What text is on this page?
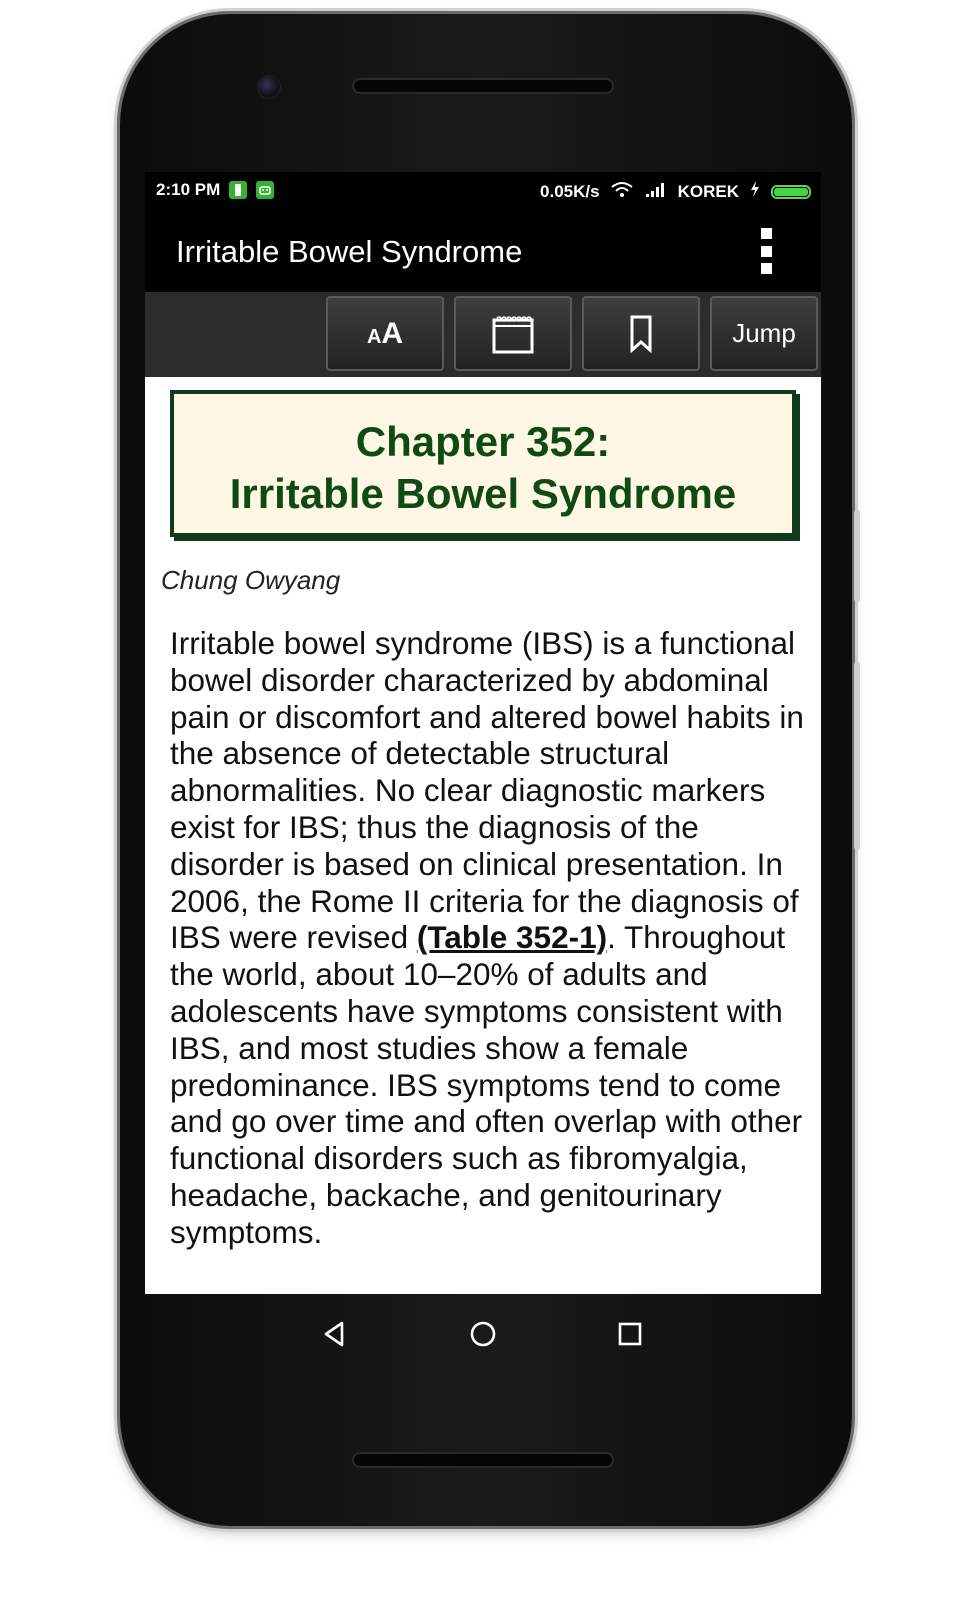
2:10 PM	0.05K/s	KOREK
Irritable Bowel Syndrome
AA	Jump
Chapter 352:
Irritable Bowel Syndrome
Chung Owyang
Irritable bowel syndrome (IBS) is a functional bowel disorder characterized by abdominal pain or discomfort and altered bowel habits in the absence of detectable structural abnormalities. No clear diagnostic markers exist for IBS; thus the diagnosis of the disorder is based on clinical presentation. In 2006, the Rome II criteria for the diagnosis of IBS were revised (Table 352-1). Throughout the world, about 10–20% of adults and adolescents have symptoms consistent with IBS, and most studies show a female predominance. IBS symptoms tend to come and go over time and often overlap with other functional disorders such as fibromyalgia, headache, backache, and genitourinary symptoms.
